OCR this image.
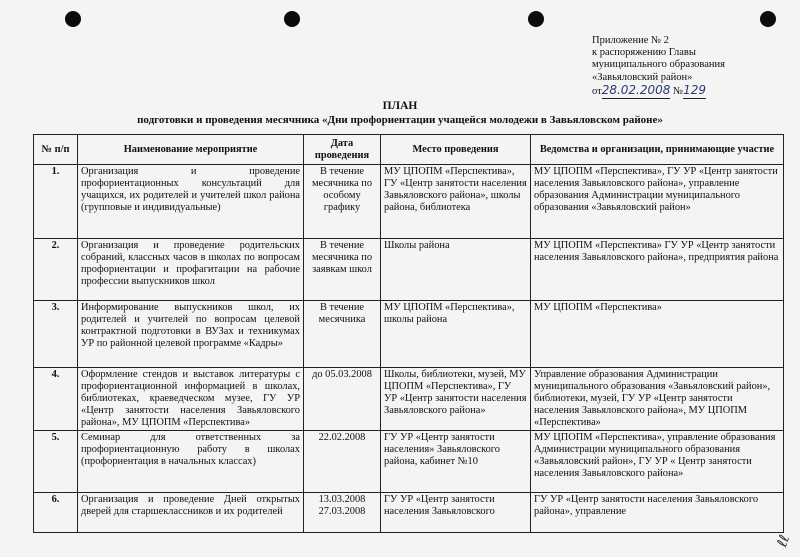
Приложение № 2
к распоряжению Главы
муниципального образования
«Завьяловский район»
от28.02.2008 №129
ПЛАН
подготовки и проведения месячника «Дни профориентации учащейся молодежи в Завьяловском районе»
№ п/п	Наименование мероприятие	Дата проведения	Место проведения	Ведомства и организации, принимающие участие
1.	Организация и проведение профориентационных консультаций для учащихся, их родителей и учителей школ района (групповые и индивидуальные)	В течение месячника по особому графику	МУ ЦПОПМ «Перспектива», ГУ «Центр занятости населения Завьяловского района», школы района, библиотека	МУ ЦПОПМ «Перспектива», ГУ УР «Центр занятости населения Завьяловского района», управление образования Администрации муниципального образования «Завьяловский район»
2.	Организация и проведение родительских собраний, классных часов в школах по вопросам профориентации и профагитации на рабочие профессии выпускников школ	В течение месячника по заявкам школ	Школы района	МУ ЦПОПМ «Перспектива» ГУ УР «Центр занятости населения Завьяловского района», предприятия района
3.	Информирование выпускников школ, их родителей и учителей по вопросам целевой контрактной подготовки в ВУЗах и техникумах УР по районной целевой программе «Кадры»	В течение месячника	МУ ЦПОПМ «Перспектива», школы района	МУ ЦПОПМ «Перспектива»
4.	Оформление стендов и выставок литературы с профориентационной информацией в школах, библиотеках, краеведческом музее, ГУ УР «Центр занятости населения Завьяловского района», МУ ЦПОПМ «Перспектива»	до 05.03.2008	Школы, библиотеки, музей, МУ ЦПОПМ «Перспектива», ГУ УР «Центр занятости населения Завьяловского района»	Управление образования Администрации муниципального образования «Завьяловский район», библиотеки, музей, ГУ УР «Центр занятости населения Завьяловского района», МУ ЦПОПМ «Перспектива»
5.	Семинар для ответственных за профориентационную работу в школах (профориентация в начальных классах)	22.02.2008	ГУ УР «Центр занятости населения» Завьяловского района, кабинет №10	МУ ЦПОПМ «Перспектива», управление образования Администрации муниципального образования «Завьяловский район», ГУ УР « Центр занятости населения Завьяловского района»
6.	Организация и проведение Дней открытых дверей для старшеклассников и их родителей	13.03.2008 27.03.2008	ГУ УР «Центр занятости населения Завьяловского	ГУ УР «Центр занятости населения Завьяловского района», управление
ℓℓ
